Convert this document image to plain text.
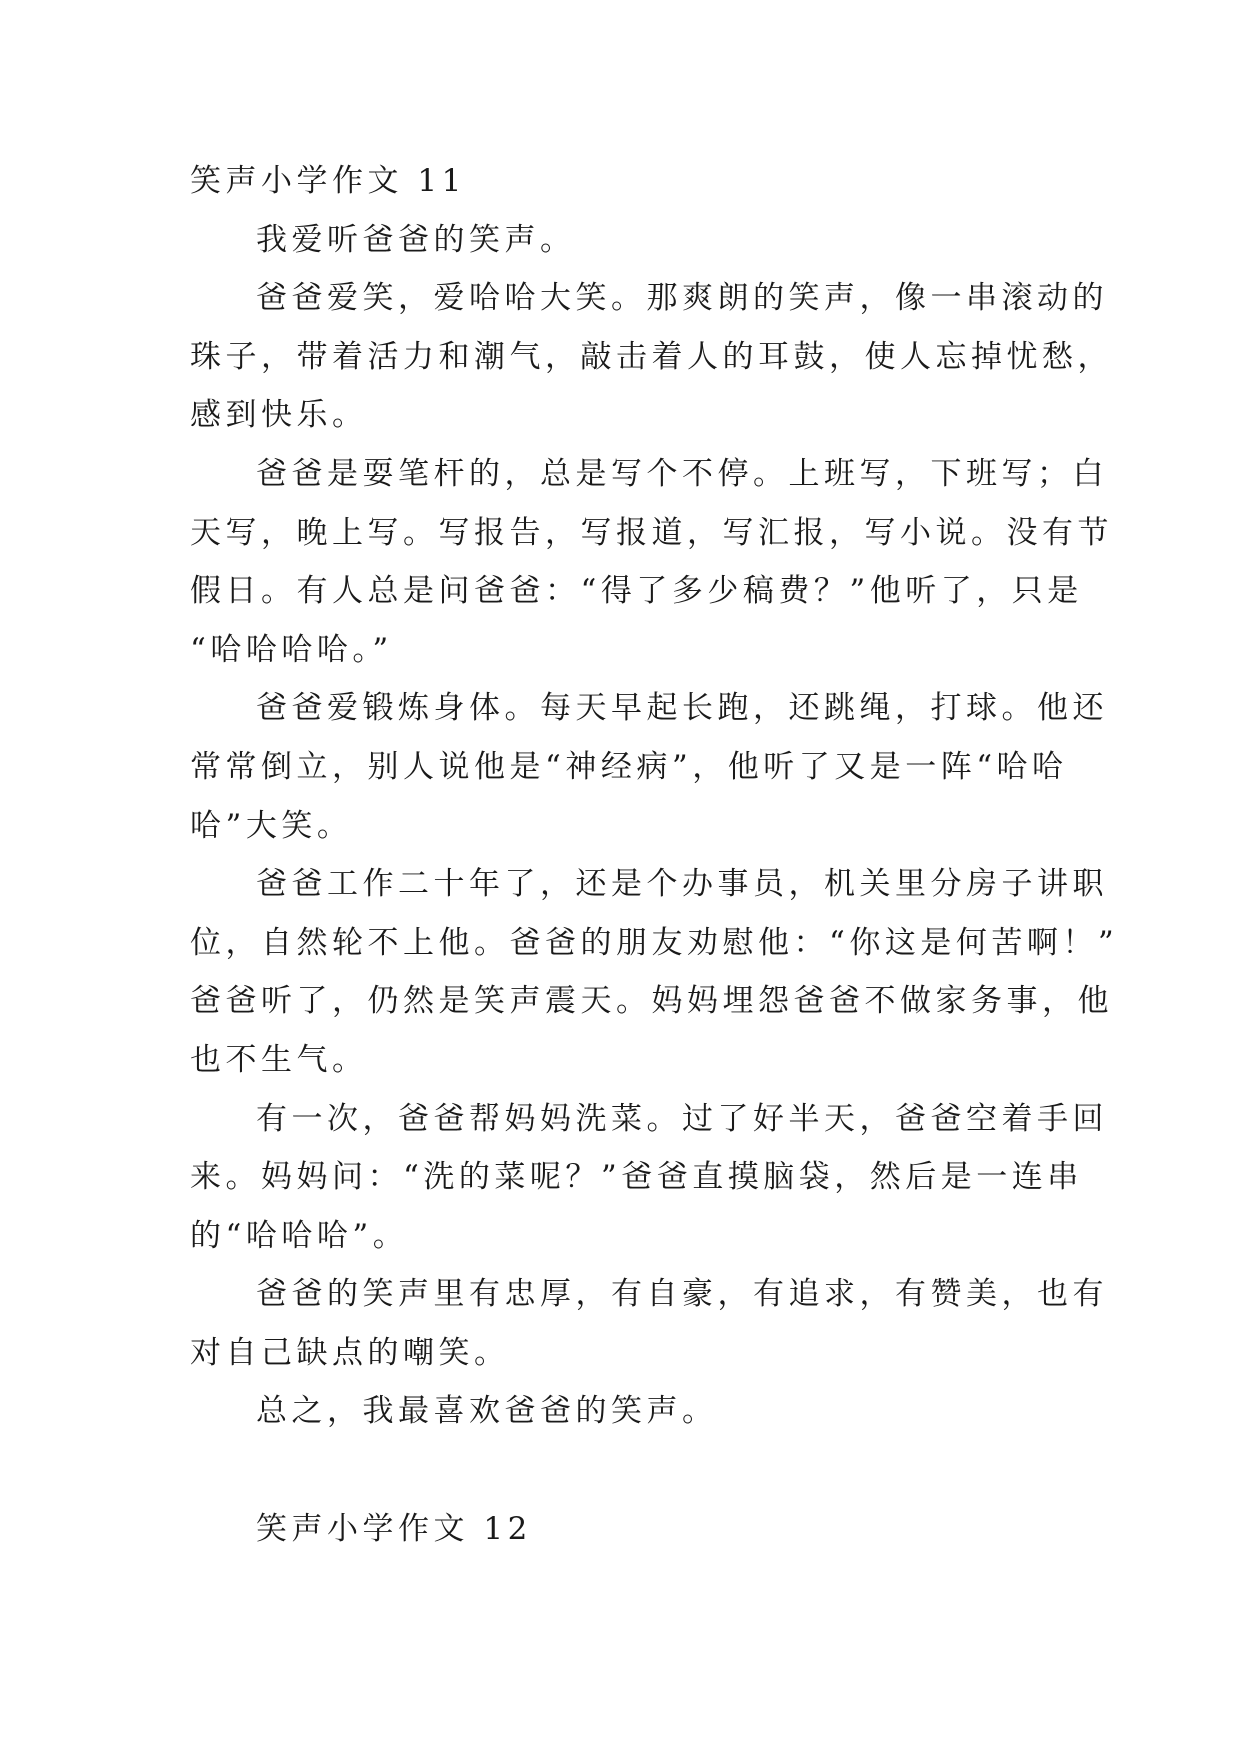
笑声小学作文 11
我爱听爸爸的笑声。
爸爸爱笑，爱哈哈大笑。那爽朗的笑声，像一串滚动的
珠子，带着活力和潮气，敲击着人的耳鼓，使人忘掉忧愁，
感到快乐。
爸爸是耍笔杆的，总是写个不停。上班写，下班写；白
天写，晚上写。写报告，写报道，写汇报，写小说。没有节
假日。有人总是问爸爸：“得了多少稿费？”他听了，只是
“哈哈哈哈。”
爸爸爱锻炼身体。每天早起长跑，还跳绳，打球。他还
常常倒立，别人说他是“神经病”，他听了又是一阵“哈哈
哈”大笑。
爸爸工作二十年了，还是个办事员，机关里分房子讲职
位，自然轮不上他。爸爸的朋友劝慰他：“你这是何苦啊！”
爸爸听了，仍然是笑声震天。妈妈埋怨爸爸不做家务事，他
也不生气。
有一次，爸爸帮妈妈洗菜。过了好半天，爸爸空着手回
来。妈妈问：“洗的菜呢？”爸爸直摸脑袋，然后是一连串
的“哈哈哈”。
爸爸的笑声里有忠厚，有自豪，有追求，有赞美，也有
对自己缺点的嘲笑。
总之，我最喜欢爸爸的笑声。
笑声小学作文 12
